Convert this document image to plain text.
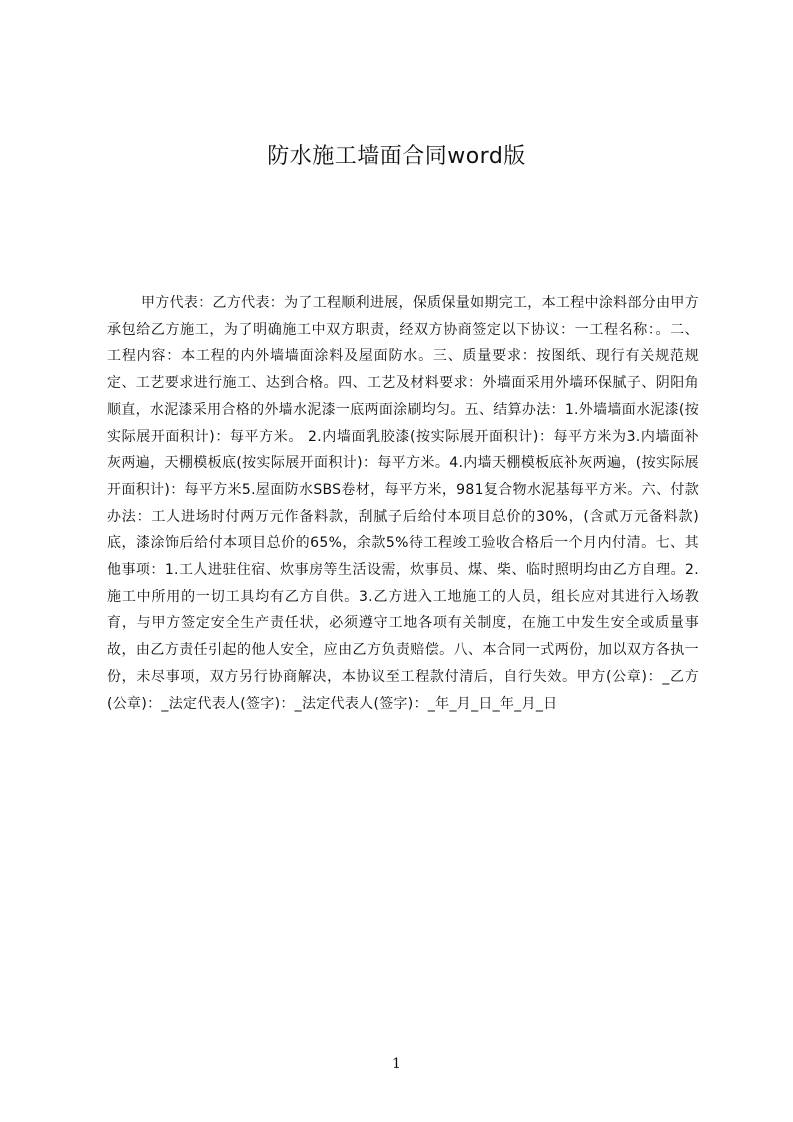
防水施工墙面合同word版

甲方代表：乙方代表：为了工程顺利进展，保质保量如期完工，本工程中涂料部分由甲方承包给乙方施工，为了明确施工中双方职责，经双方协商签定以下协议：一工程名称：。二、工程内容：本工程的内外墙墙面涂料及屋面防水。三、质量要求：按图纸、现行有关规范规定、工艺要求进行施工、达到合格。四、工艺及材料要求：外墙面采用外墙环保腻子、阴阳角顺直，水泥漆采用合格的外墙水泥漆一底两面涂刷均匀。五、结算办法：1.外墙墙面水泥漆(按实际展开面积计)：每平方米。 2.内墙面乳胶漆(按实际展开面积计)：每平方米为3.内墙面补灰两遍，天棚模板底(按实际展开面积计)：每平方米。4.内墙天棚模板底补灰两遍，(按实际展开面积计)：每平方米5.屋面防水SBS卷材，每平方米，981复合物水泥基每平方米。六、付款办法：工人进场时付两万元作备料款，刮腻子后给付本项目总价的30%，(含贰万元备料款)底，漆涂饰后给付本项目总价的65%，余款5%待工程竣工验收合格后一个月内付清。七、其他事项：1.工人进驻住宿、炊事房等生活设需，炊事员、煤、柴、临时照明均由乙方自理。2.施工中所用的一切工具均有乙方自供。3.乙方进入工地施工的人员，组长应对其进行入场教育，与甲方签定安全生产责任状，必须遵守工地各项有关制度，在施工中发生安全或质量事故，由乙方责任引起的他人安全，应由乙方负责赔偿。八、本合同一式两份，加以双方各执一份，未尽事项，双方另行协商解决，本协议至工程款付清后，自行失效。甲方(公章)：_乙方(公章)：_法定代表人(签字)：_法定代表人(签字)：_年_月_日_年_月_日

1
